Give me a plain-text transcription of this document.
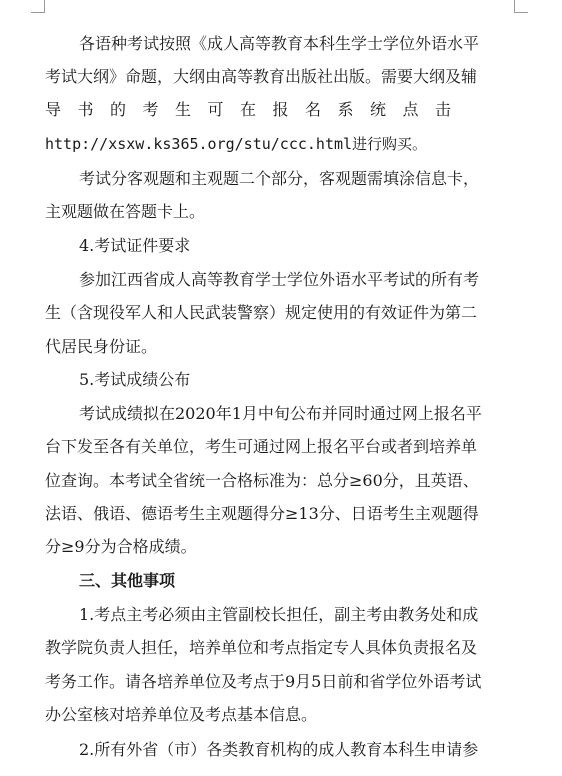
各语种考试按照《成人高等教育本科生学士学位外语水平
考试大纲》命题，大纲由高等教育出版社出版。需要大纲及辅
导书的考生可在报名系统点击
http://xsxw.ks365.org/stu/ccc.html进行购买。
考试分客观题和主观题二个部分，客观题需填涂信息卡，
主观题做在答题卡上。
4.考试证件要求
参加江西省成人高等教育学士学位外语水平考试的所有考
生（含现役军人和人民武装警察）规定使用的有效证件为第二
代居民身份证。
5.考试成绩公布
考试成绩拟在2020年1月中旬公布并同时通过网上报名平
台下发至各有关单位，考生可通过网上报名平台或者到培养单
位查询。本考试全省统一合格标准为：总分≥60分，且英语、
法语、俄语、德语考生主观题得分≥13分、日语考生主观题得
分≥9分为合格成绩。
三、其他事项
1.考点主考必须由主管副校长担任，副主考由教务处和成
教学院负责人担任，培养单位和考点指定专人具体负责报名及
考务工作。请各培养单位及考点于9月5日前和省学位外语考试
办公室核对培养单位及考点基本信息。
2.所有外省（市）各类教育机构的成人教育本科生申请参
